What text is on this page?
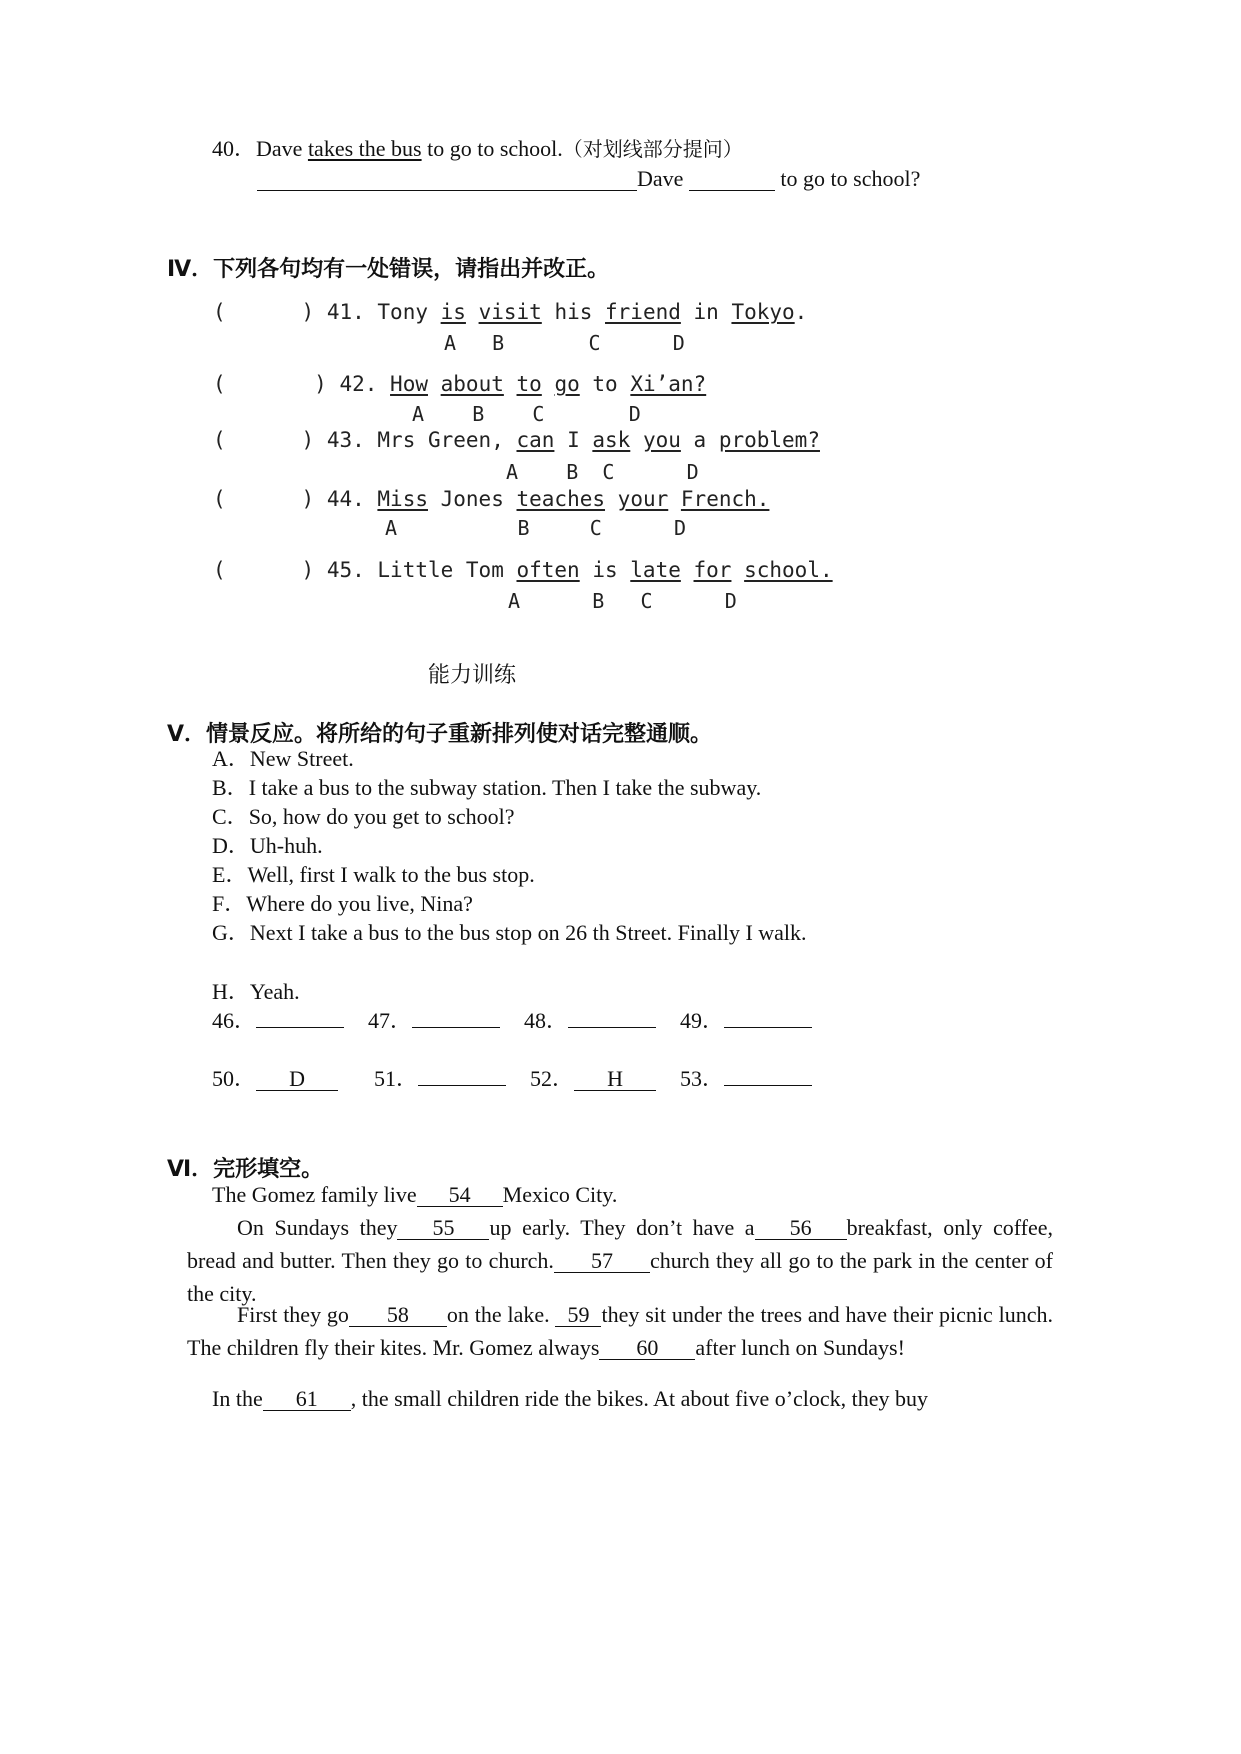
40．Dave takes the bus to go to school.（对划线部分提问）
Dave	to go to school?
Ⅳ．下列各句均有一处错误，请指出并改正。
(      ) 41. Tony is visit his friend in Tokyo.
A   B       C      D
(       ) 42. How about to go to Xi’an?
A    B    C       D
(      ) 43. Mrs Green, can I ask you a problem?
A    B  C      D
(      ) 44. Miss Jones teaches your French.
A          B     C      D
(      ) 45. Little Tom often is late for school.
A      B   C      D
能力训练
Ⅴ．情景反应。将所给的句子重新排列使对话完整通顺。
A．New Street.
B．I take a bus to the subway station. Then I take the subway.
C．So, how do you get to school?
D．Uh-huh.
E．Well, first I walk to the bus stop.
F．Where do you live, Nina?
G．Next I take a bus to the bus stop on 26 th Street. Finally I walk.
H．Yeah.
46．	47．	48．	49．
50． D	51．	52． H	53．
Ⅵ．完形填空。
The Gomez family live 54 Mexico City.
On Sundays they 55 up early. They don’t have a 56 breakfast, only coffee, bread and butter. Then they go to church. 57 church they all go to the park in the center of the city.
First they go 58 on the lake. 59 they sit under the trees and have their picnic lunch. The children fly their kites. Mr. Gomez always 60 after lunch on Sundays!
In the 61 , the small children ride the bikes. At about five o’clock, they buy
